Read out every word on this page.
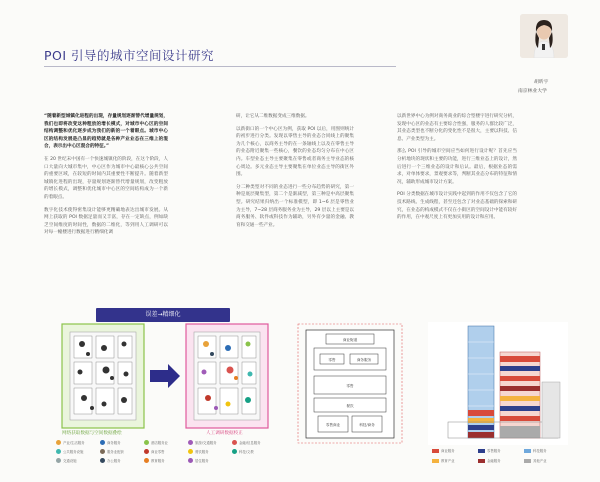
POI 引导的城市空间设计研究
胡昕宇
南京林业大学

“随着新型城镇化进程的出现，存量规划逐渐替代增量规划，我们也即将改变这种粗放的增长模式，对城市中心区的空间结构调整和优化逐步成为我们的新的一个着眼点。城市中心区的结构发展是凸显的趋势就是各种产业业态在三维上的混合，表示出中心区混合的特征。”

在 20 世纪末中国有一个快速城镇化的阶段，在这个阶段，人口大量向大城市集中，中心区作为城市中心最核心公共空间的重要区域，在较短的时间内其重要性不断提升。随着新型城镇化进程的出现，存量规划逐渐替代增量规划，改变粗放的增长模式，调整和优化城市中心区的空间结构成为一个新的着眼点。

数字化技术使得密集设计能够更精确地表达出城市发展。从网上获取的 POI 数据足量而又丰富，存在一定缺点，例如缺乏空间维度的时间性，数据的二维化，等到用人工调研可以对每一幢楼进行数据进行精细化调

研，让它从二维数据变成三维数据。

以新街口的一个中心区为例，获取 POI 以后，用图则统计的初步进行分类。发现以零售主导的业态合同线上的聚集为几个核心，以商务主导的在一条轴线上以及在零售主导的业态附近聚集一些核心，餐饮的业态均匀分布在中心区内。车型业态主导主要聚集在零售或者商务主导业态的核心周边。多元业态主导主要聚集在单位业态主导的街区外围。

分二种类型对不同的业态进行一些分布趋势的研究，第一种是底层聚集型，第二个是渐减型，第三种是中高层聚集型。研究结果归纳出一个标准模型，即 1~6 层是零售业为主导，7~28 层商务服务业为主导，29 层以上主要是以商务服务、软件或科技作为辅助，另外有少量的金融、教育和交通一些产业。

以新世界中心为例对商务商业的综合型楼宇进行研究分析，发现中心区的业态有主要综合性强，服务的人群比较广泛，其业态类型也不断分化的变化性不是很大，主要以科技、信息、产业类型为主。

那么 POI 引导的城市空间应当如何进行设计呢？首先应当分析地块的现状和主要的功能，进行三维业态上的设计，然后进行一个三维业态的设计和后认。最后，根据业态的需求，对单体要求，景观要求等，判断其业态分布的特征和情况，辅助形成城市设计方案。

POI 分类数据在城市设计实践中起到的作用不仅包含了它的技术路线、生成线程，甚至还包含了对业态基础的探索和研究，在业态的构成模式不仅在小街区的空间设计中能有较好的作用，在中观尺度上有更加实用的设计和应用。

误差→精细化
网络获取数据与空间数据叠绘	人工调研数据校正
产业/生活服务	商务服务	酒店服务业	旅游/交通服务	金融/信息服务
公共服务设施	服务业配套	商业零售	餐饮服务	科技/文教
交通设施	办公服务	教育服务	居住服务
商业街道
零售	商务服务
零售
餐饮
零售商业	科技/商务
商业服务	零售服务	科技服务
教育产业	金融服务	其他产业
